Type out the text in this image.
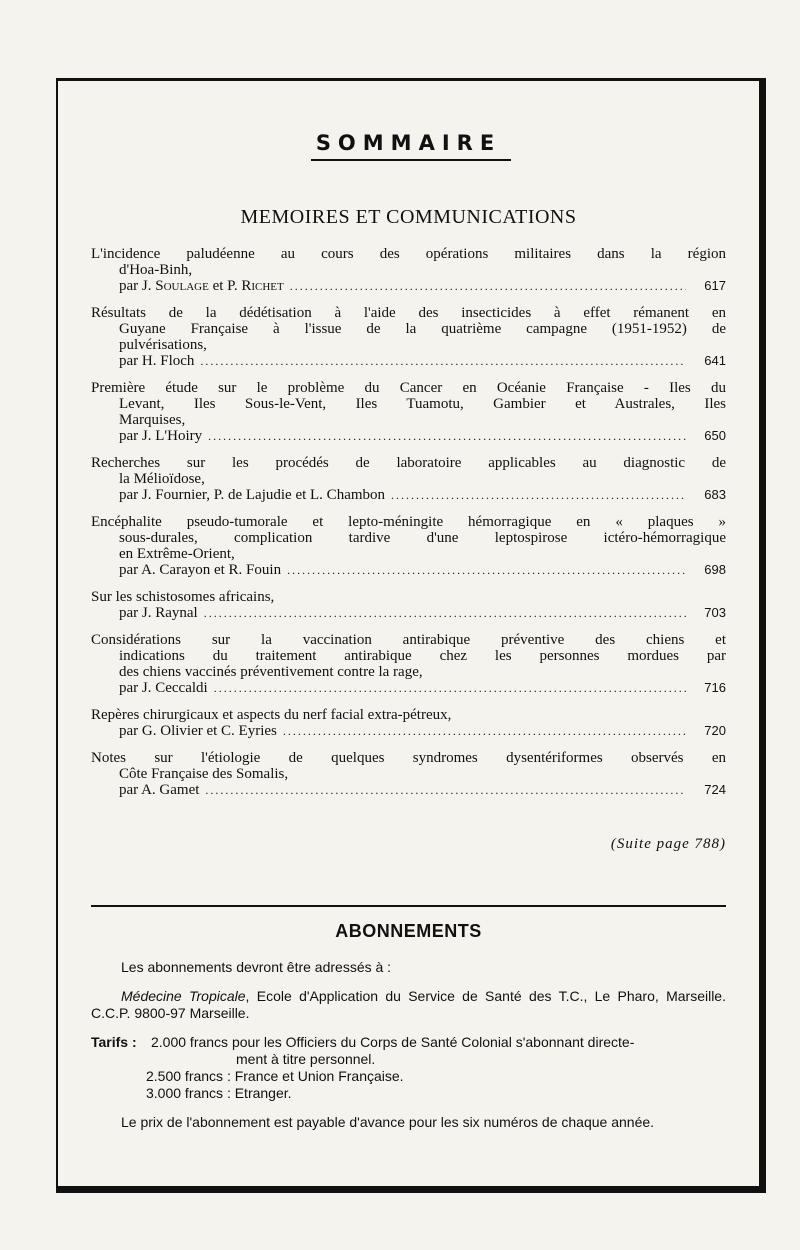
SOMMAIRE
MEMOIRES ET COMMUNICATIONS
L'incidence paludéenne au cours des opérations militaires dans la région
d'Hoa-Binh,
par J. Soulage et P. Richet .....	617
Résultats de la dédétisation à l'aide des insecticides à effet rémanent en
Guyane Française à l'issue de la quatrième campagne (1951-1952) de
pulvérisations,
par H. Floch .....	641
Première étude sur le problème du Cancer en Océanie Française - Iles du
Levant, Iles Sous-le-Vent, Iles Tuamotu, Gambier et Australes, Iles
Marquises,
par J. L'Hoiry .....	650
Recherches sur les procédés de laboratoire applicables au diagnostic de
la Mélioïdose,
par J. Fournier, P. de Lajudie et L. Chambon .....	683
Encéphalite pseudo-tumorale et lepto-méningite hémorragique en « plaques »
sous-durales, complication tardive d'une leptospirose ictéro-hémorragique
en Extrême-Orient,
par A. Carayon et R. Fouin .....	698
Sur les schistosomes africains,
par J. Raynal .....	703
Considérations sur la vaccination antirabique préventive des chiens et
indications du traitement antirabique chez les personnes mordues par
des chiens vaccinés préventivement contre la rage,
par J. Ceccaldi .....	716
Repères chirurgicaux et aspects du nerf facial extra-pétreux,
par G. Olivier et C. Eyries .....	720
Notes sur l'étiologie de quelques syndromes dysentériformes observés en
Côte Française des Somalis,
par A. Gamet .....	724
(Suite page 788)
ABONNEMENTS

Les abonnements devront être adressés à :

Médecine Tropicale, Ecole d'Application du Service de Santé des T.C., Le Pharo, Marseille. C.C.P. 9800-97 Marseille.

Tarifs :	2.000 francs pour les Officiers du Corps de Santé Colonial s'abonnant directe-

ment à titre personnel.

2.500 francs : France et Union Française.

3.000 francs : Etranger.

Le prix de l'abonnement est payable d'avance pour les six numéros de chaque année.
